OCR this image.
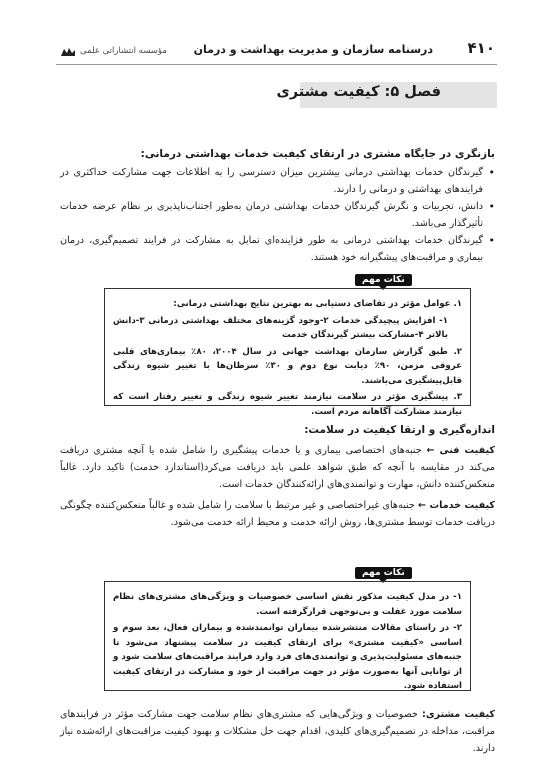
۴۱۰
درسنامه سازمان و مدیریت بهداشت و درمان
مؤسسه انتشاراتی علمی
فصل ۵: کیفیت مشتری
بازنگری در جایگاه مشتری در ارتقای کیفیت خدمات بهداشتی درمانی:
• گیرندگان خدمات بهداشتی درمانی بیشترین میزان دسترسی را به اطلاعات جهت مشارکت حداکثری در فرایندهای بهداشتی و درمانی را دارند.
• دانش، تجربیات و نگرش گیرندگان خدمات بهداشتی درمان به‌طور اجتناب‌ناپذیری بر نظام عرضه خدمات تأثیرگذار می‌باشد.
• گیرندگان خدمات بهداشتی درمانی به طور فزاینده‌ای تمایل به مشارکت در فرایند تصمیم‌گیری، درمان بیماری و مراقبت‌های پیشگیرانه خود هستند.
نکات مهم

۱. عوامل مؤثر در تقاضای دستیابی به بهترین نتایج بهداشتی درمانی:

۱- افزایش پیچیدگی خدمات ۲-وجود گزینه‌های مختلف بهداشتی درمانی ۳-دانش بالاتر ۴-مشارکت بیشتر گیرندگان خدمت

۲. طبق گزارش سازمان بهداشت جهانی در سال ۲۰۰۴، ۸۰٪ بیماری‌های قلبی عروقی مزمن، ۹۰٪ دیابت نوع دوم و ۳۰٪ سرطان‌ها با تغییر شیوه زندگی قابل‌پیشگیری می‌باشند.

۳. پیشگیری مؤثر در سلامت نیازمند تغییر شیوه زندگی و تغییر رفتار است که نیازمند مشارکت آگاهانه مردم است.

اندازه‌گیری و ارتقا کیفیت در سلامت:

کیفیت فنی ← جنبه‌های اختصاصی بیماری و یا خدمات پیشگیری را شامل شده یا آنچه مشتری دریافت می‌کند در مقایسه با آنچه که طبق شواهد علمی باید دریافت می‌کرد(استاندارد خدمت) تاکید دارد. غالباً منعکس‌کننده دانش، مهارت و توانمندی‌های ارائه‌کنندگان خدمات است.

کیفیت خدمات ← جنبه‌های غیراختصاصی و غیر مرتبط با سلامت را شامل شده و غالباً منعکس‌کننده چگونگی دریافت خدمات توسط مشتری‌ها، روش ارائه خدمت و محیط ارائه خدمت می‌شود.

نکات مهم

۱- در مدل کیفیت مذکور نقش اساسی خصوصیات و ویژگی‌های مشتری‌های نظام سلامت مورد غفلت و بی‌توجهی قرارگرفته است.

۲- در راستای مقالات منتشرشده بیماران توانمندشده و بیماران فعال، بعد سوم و اساسی «کیفیت مشتری» برای ارتقای کیفیت در سلامت پیشنهاد می‌شود تا جنبه‌های مسئولیت‌پذیری و توانمندی‌های فرد وارد فرایند مراقبت‌های سلامت شود و از توانایی آنها به‌صورت مؤثر در جهت مراقبت از خود و مشارکت در ارتقای کیفیت استفاده شود.

کیفیت مشتری: خصوصیات و ویژگی‌هایی که مشتری‌های نظام سلامت جهت مشارکت مؤثر در فرایندهای مراقبت، مداخله در تصمیم‌گیری‌های کلیدی، اقدام جهت حل مشکلات و بهبود کیفیت مراقبت‌های ارائه‌شده نیاز دارند.
